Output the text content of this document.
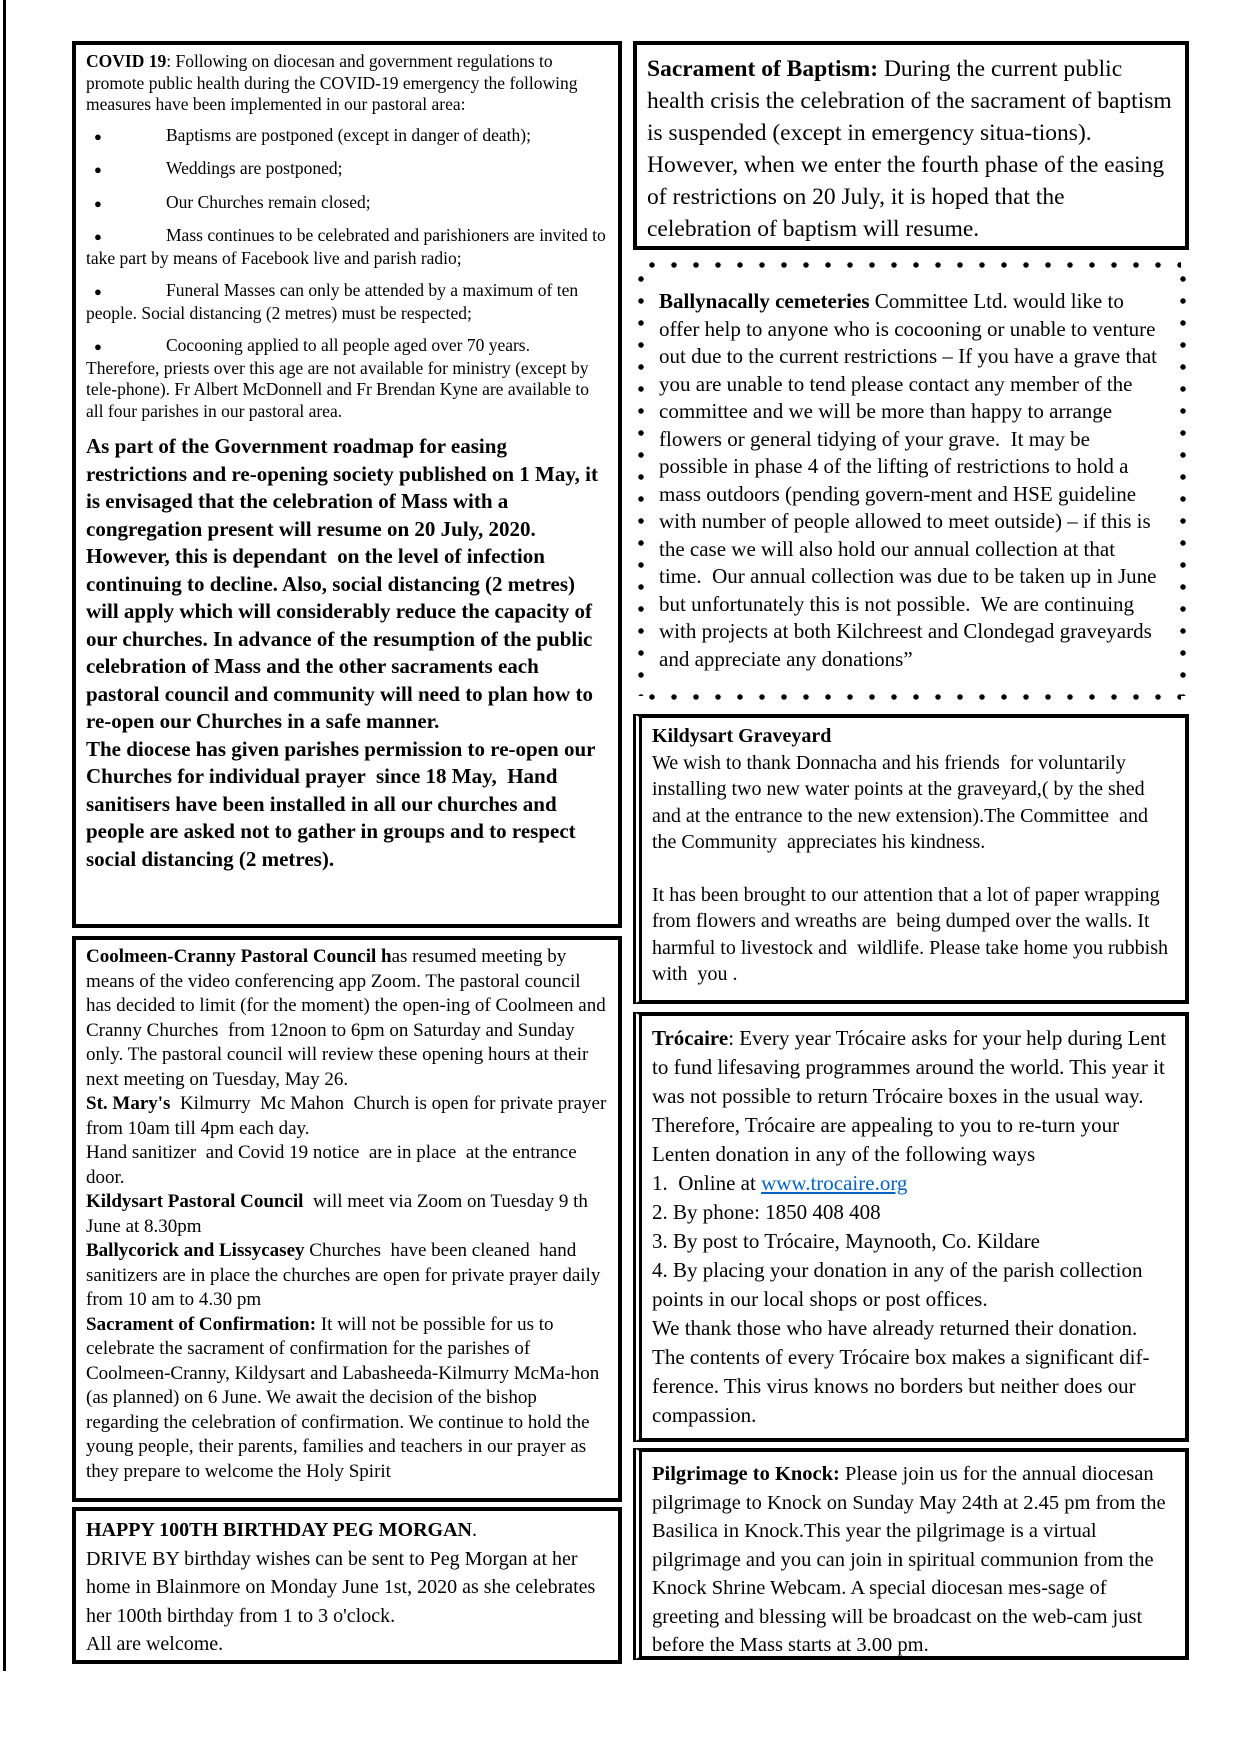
COVID 19: Following on diocesan and government regulations to promote public health during the COVID-19 emergency the following measures have been implemented in our pastoral area:
●	Baptisms are postponed (except in danger of death);
●	Weddings are postponed;
●	Our Churches remain closed;
●	Mass continues to be celebrated and parishioners are invited to take part by means of Facebook live and parish radio;
●	Funeral Masses can only be attended by a maximum of ten people. Social distancing (2 metres) must be respected;
●	Cocooning applied to all people aged over 70 years. Therefore, priests over this age are not available for ministry (except by tele-phone). Fr Albert McDonnell and Fr Brendan Kyne are available to all four parishes in our pastoral area.
As part of the Government roadmap for easing restrictions and re-opening society published on 1 May, it is envisaged that the celebration of Mass with a congregation present will resume on 20 July, 2020. However, this is dependant  on the level of infection continuing to decline. Also, social distancing (2 metres) will apply which will considerably reduce the capacity of our churches. In advance of the resumption of the public celebration of Mass and the other sacraments each pastoral council and community will need to plan how to re-open our Churches in a safe manner.
The diocese has given parishes permission to re-open our Churches for individual prayer  since 18 May,  Hand sanitisers have been installed in all our churches and people are asked not to gather in groups and to respect social distancing (2 metres).
Coolmeen-Cranny Pastoral Council has resumed meeting by means of the video conferencing app Zoom. The pastoral council has decided to limit (for the moment) the open-ing of Coolmeen and Cranny Churches  from 12noon to 6pm on Saturday and Sunday only. The pastoral council will review these opening hours at their next meeting on Tuesday, May 26.
St. Mary's  Kilmurry  Mc Mahon  Church is open for private prayer from 10am till 4pm each day.
Hand sanitizer  and Covid 19 notice  are in place  at the entrance door.
Kildysart Pastoral Council  will meet via Zoom on Tuesday 9 th June at 8.30pm
Ballycorick and Lissycasey Churches  have been cleaned  hand sanitizers are in place the churches are open for private prayer daily from 10 am to 4.30 pm
Sacrament of Confirmation: It will not be possible for us to celebrate the sacrament of confirmation for the parishes of Coolmeen-Cranny, Kildysart and Labasheeda-Kilmurry McMa-hon (as planned) on 6 June. We await the decision of the bishop regarding the celebration of confirmation. We continue to hold the young people, their parents, families and teachers in our prayer as they prepare to welcome the Holy Spirit
HAPPY 100TH BIRTHDAY PEG MORGAN.
DRIVE BY birthday wishes can be sent to Peg Morgan at her home in Blainmore on Monday June 1st, 2020 as she celebrates her 100th birthday from 1 to 3 o'clock.
All are welcome.
Sacrament of Baptism: During the current public health crisis the celebration of the sacrament of baptism is suspended (except in emergency situa-tions). However, when we enter the fourth phase of the easing of restrictions on 20 July, it is hoped that the celebration of baptism will resume.
Ballynacally cemeteries Committee Ltd. would like to offer help to anyone who is cocooning or unable to venture out due to the current restrictions – If you have a grave that you are unable to tend please contact any member of the committee and we will be more than happy to arrange flowers or general tidying of your grave.  It may be possible in phase 4 of the lifting of restrictions to hold a mass outdoors (pending govern-ment and HSE guideline with number of people allowed to meet outside) – if this is the case we will also hold our annual collection at that time.  Our annual collection was due to be taken up in June but unfortunately this is not possible.  We are continuing with projects at both Kilchreest and Clondegad graveyards and appreciate any donations”
Kildysart Graveyard
We wish to thank Donnacha and his friends  for voluntarily installing two new water points at the graveyard,( by the shed and at the entrance to the new extension).The Committee  and the Community  appreciates his kindness.
It has been brought to our attention that a lot of paper wrapping from flowers and wreaths are  being dumped over the walls. It  harmful to livestock and  wildlife. Please take home you rubbish with  you .
Trócaire: Every year Trócaire asks for your help during Lent to fund lifesaving programmes around the world. This year it was not possible to return Trócaire boxes in the usual way. Therefore, Trócaire are appealing to you to re-turn your Lenten donation in any of the following ways
1.  Online at www.trocaire.org
2. By phone: 1850 408 408
3. By post to Trócaire, Maynooth, Co. Kildare
4. By placing your donation in any of the parish collection points in our local shops or post offices.
We thank those who have already returned their donation. The contents of every Trócaire box makes a significant dif-ference. This virus knows no borders but neither does our compassion.
Pilgrimage to Knock: Please join us for the annual diocesan pilgrimage to Knock on Sunday May 24th at 2.45 pm from the Basilica in Knock.This year the pilgrimage is a virtual pilgrimage and you can join in spiritual communion from the Knock Shrine Webcam. A special diocesan mes-sage of greeting and blessing will be broadcast on the web-cam just before the Mass starts at 3.00 pm.
